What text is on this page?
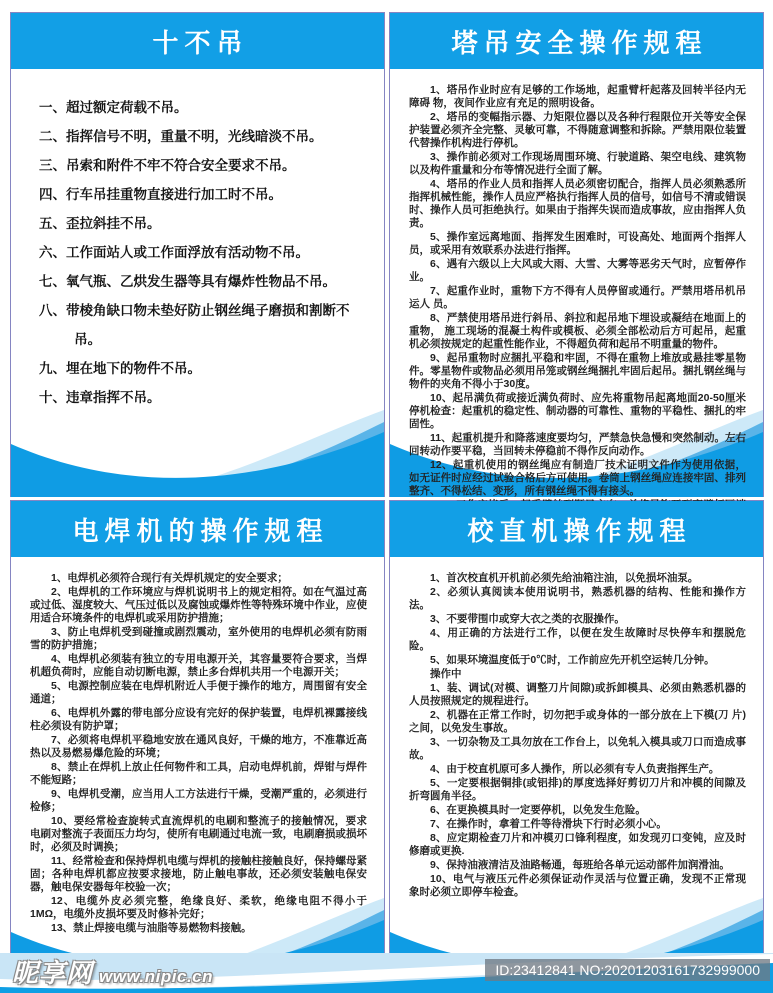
十不吊

一、超过额定荷载不吊。

二、指挥信号不明，重量不明，光线暗淡不吊。

三、吊索和附件不牢不符合安全要求不吊。

四、行车吊挂重物直接进行加工时不吊。

五、歪拉斜挂不吊。

六、工作面站人或工作面浮放有活动物不吊。

七、氧气瓶、乙烘发生器等具有爆炸性物品不吊。

八、带棱角缺口物未垫好防止钢丝绳子磨损和割断不吊。

九、埋在地下的物件不吊。

十、违章指挥不吊。

塔吊安全操作规程

1、塔吊作业时应有足够的工作场地，起重臂杆起落及回转半径内无障碍 物，夜间作业应有充足的照明设备。

2、塔吊的变幅指示器、力矩限位器以及各种行程限位开关等安全保护装置必须齐全完整、灵敏可靠，不得随意调整和拆除。严禁用限位装置代替操作机构进行停机。

3、操作前必须对工作现场周围环境、行驶道路、架空电线、建筑物以及构件重量和分布等情况进行全面了解。

4、塔吊的作业人员和指挥人员必须密切配合，指挥人员必须熟悉所指挥机械性能，操作人员应严格执行指挥人员的信号，如信号不清或错误时、操作人员可拒绝执行。如果由于指挥失误而造成事故，应由指挥人负责。

5、操作室远离地面、指挥发生困难时，可设高处、地面两个指挥人员，或采用有效联系办法进行指挥。

6、遇有六级以上大风或大雨、大雪、大雾等恶劣天气时，应暂停作业。

7、起重作业时，重物下方不得有人员停留或通行。严禁用塔吊机吊运人 员。

8、严禁使用塔吊进行斜吊、斜拉和起吊地下埋设或凝结在地面上的重物， 施工现场的混凝土构件或模板、必须全部松动后方可起吊，起重机必须按规定的起重性能作业，不得超负荷和起吊不明重量的物件。

9、起吊重物时应捆扎平稳和牢固，不得在重物上堆放或悬挂零星物件。零星物件或物品必须用吊笼或钢丝绳捆扎牢固后起吊。捆扎钢丝绳与物件的夹角不得小于30度。

10、起吊满负荷或接近满负荷时、应先将重物吊起离地面20-50厘米停机检查：起重机的稳定性、制动器的可靠性、重物的平稳性、捆扎的牢固性。

11、起重机提升和降落速度要均匀，严禁急快急慢和突然制动。左右回转动作要平稳，当回转未停稳前不得作反向动作。

12、起重机使用的钢丝绳应有制造厂技术证明文件作为使用依据，如无证件时应经过试验合格后方可使用。卷筒上钢丝绳应连接牢固、排列整齐、不得松结、变形，所有钢丝绳不得有接头。

电焊机的操作规程

1、电焊机必须符合现行有关焊机规定的安全要求；

2、电焊机的工作环境应与焊机说明书上的规定相符。如在气温过高或过低、湿度较大、气压过低以及腐蚀或爆炸性等特殊环境中作业，应使用适合环境条件的电焊机或采用防护措施；

3、防止电焊机受到碰撞或剧烈震动，室外使用的电焊机必须有防雨雪的防护措施；

4、电焊机必须装有独立的专用电源开关，其容量要符合要求，当焊机超负荷时，应能自动切断电源，禁止多台焊机共用一个电源开关；

5、电源控制应装在电焊机附近人手便于操作的地方，周围留有安全通道；

6、电焊机外露的带电部分应设有完好的保护装置，电焊机裸露接线柱必须设有防护罩；

7、必须将电焊机平稳地安放在通风良好，干燥的地方，不准靠近高热以及易燃易爆危险的环境；

8、禁止在焊机上放止任何物件和工具，启动电焊机前，焊钳与焊件不能短路；

9、电焊机受潮，应当用人工方法进行干燥，受潮严重的，必须进行检修；

10、要经常检查旋转式直流焊机的电刷和整流子的接触情况，要求电刷对整流子表面压力均匀，使所有电刷通过电流一致，电刷磨损或损坏时，必须及时调换；

11、经常检查和保持焊机电缆与焊机的接触柱接触良好，保持螺母紧固；各种电焊机都应按要求接地，防止触电事故，还必须安装触电保安器，触电保安器每年校验一次；

12、电缆外皮必须完整，绝缘良好、柔软，绝缘电阻不得小于1MΩ，电缆外皮损坏要及时修补完好；

13、禁止焊接电缆与油脂等易燃物料接触。

校直机操作规程

1、首次校直机开机前必须先给油箱注油，以免损坏油泵。

2、必须认真阅读本使用说明书，熟悉机器的结构、性能和操作方法。

3、不要带围巾或穿大衣之类的衣服操作。

4、用正确的方法进行工作，以便在发生故障时尽快停车和摆脱危险。

5、如果环境温度低于0℃时，工作前应先开机空运转几分钟。

操作中

1、装、调试(对模、调整刀片间隙)或拆卸模具、必须由熟悉机器的人员按照规定的规程进行。

2、机器在正常工作时，切勿把手或身体的一部分放在上下模(刀 片)之间，以免发生事故。

3、一切杂物及工具勿放在工作台上，以免轧入模具或刀口而造成事故。

4、由于校直机原可多人操作，所以必须有专人负责指挥生产。

5、一定要根据铜排(或铝排)的厚度选择好剪切刀片和冲模的间隙及折弯圆角半径。

6、在更换模具时一定要停机，以免发生危险。

7、在操作时，拿着工件等待滑块下行时必须小心。

8、应定期检查刀片和冲模刃口锋利程度，如发现刃口变钝，应及时修磨或更换.

9、保持油液清洁及油路畅通，每班给各单元运动部件加润滑油。

10、电气与液压元件必须保证动作灵活与位置正确，发现不正常现象时必须立即停车检查。

昵享网 www.nipic.cn	ID:23412841 NO:20201203161732999000
